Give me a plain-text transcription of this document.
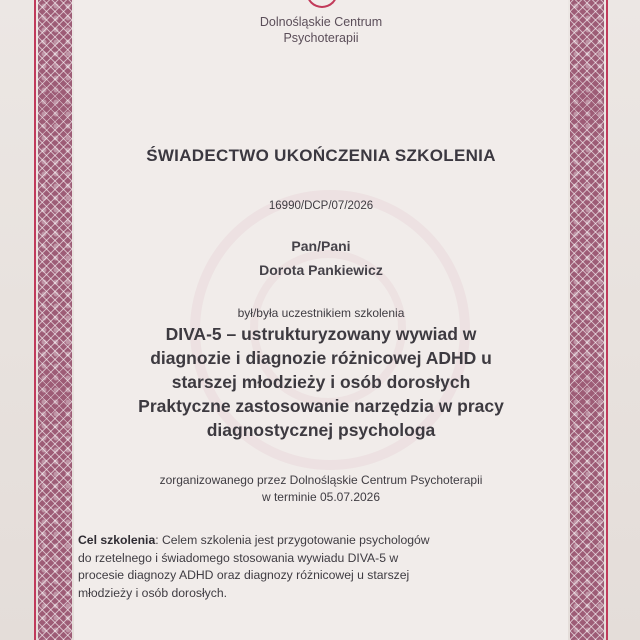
Dolnośląskie Centrum
Psychoterapii
ŚWIADECTWO UKOŃCZENIA SZKOLENIA
16990/DCP/07/2026
Pan/Pani
Dorota Pankiewicz
był/była uczestnikiem szkolenia
DIVA-5 – ustrukturyzowany wywiad w
diagnozie i diagnozie różnicowej ADHD u
starszej młodzieży i osób dorosłych
Praktyczne zastosowanie narzędzia w pracy
diagnostycznej psychologa
zorganizowanego przez Dolnośląskie Centrum Psychoterapii
w terminie 05.07.2026
Cel szkolenia: Celem szkolenia jest przygotowanie psychologów
do rzetelnego i świadomego stosowania wywiadu DIVA-5 w
procesie diagnozy ADHD oraz diagnozy różnicowej u starszej
młodzieży i osób dorosłych.
